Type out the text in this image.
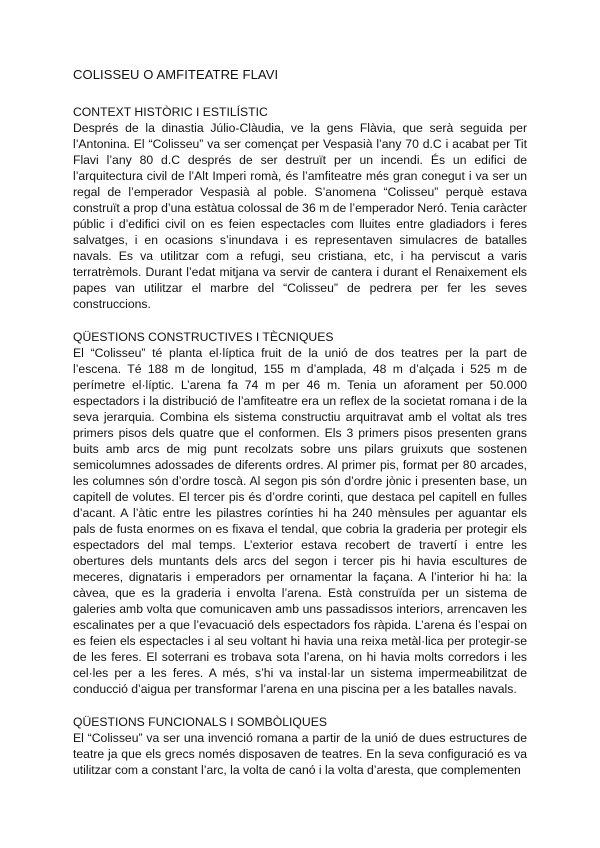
COLISSEU O AMFITEATRE FLAVI
CONTEXT HISTÒRIC I ESTILÍSTIC

Després de la dinastia Júlio-Clàudia, ve la gens Flàvia, que serà seguida per l’Antonina. El “Colisseu” va ser començat per Vespasià l’any 70 d.C i acabat per Tit Flavi l’any 80 d.C després de ser destruït per un incendi. És un edifici de l’arquitectura civil de l’Alt Imperi romà, és l’amfiteatre més gran conegut i va ser un regal de l’emperador Vespasià al poble. S’anomena “Colisseu” perquè estava construït a prop d’una estàtua colossal de 36 m de l’emperador Neró. Tenia caràcter públic i d’edifici civil on es feien espectacles com lluites entre gladiadors i feres salvatges, i en ocasions s’inundava i es representaven simulacres de batalles navals. Es va utilitzar com a refugi, seu cristiana, etc, i ha perviscut a varis terratrèmols. Durant l’edat mitjana va servir de cantera i durant el Renaixement els papes van utilitzar el marbre del “Colisseu” de pedrera per fer les seves construccions.

QÜESTIONS CONSTRUCTIVES I TÈCNIQUES

El “Colisseu” té planta el·líptica fruit de la unió de dos teatres per la part de l’escena. Té 188 m de longitud, 155 m d’amplada, 48 m d’alçada i 525 m de perímetre el·líptic. L’arena fa 74 m per 46 m. Tenia un aforament per 50.000 espectadors i la distribució de l’amfiteatre era un reflex de la societat romana i de la seva jerarquia. Combina els sistema constructiu arquitravat amb el voltat als tres primers pisos dels quatre que el conformen. Els 3 primers pisos presenten grans buits amb arcs de mig punt recolzats sobre uns pilars gruixuts que sostenen semicolumnes adossades de diferents ordres. Al primer pis, format per 80 arcades, les columnes són d’ordre toscà. Al segon pis són d’ordre jònic i presenten base, un capitell de volutes. El tercer pis és d’ordre corinti, que destaca pel capitell en fulles d’acant. A l’àtic entre les pilastres corínties hi ha 240 mènsules per aguantar els pals de fusta enormes on es fixava el tendal, que cobria la graderia per protegir els espectadors del mal temps. L’exterior estava recobert de travertí i entre les obertures dels muntants dels arcs del segon i tercer pis hi havia escultures de meceres, dignataris i emperadors per ornamentar la façana. A l’interior hi ha: la càvea, que es la graderia i envolta l’arena. Està construïda per un sistema de galeries amb volta que comunicaven amb uns passadissos interiors, arrencaven les escalinates per a que l’evacuació dels espectadors fos ràpida. L’arena és l’espai on es feien els espectacles i al seu voltant hi havia una reixa metàl·lica per protegir-se de les feres. El soterrani es trobava sota l’arena, on hi havia molts corredors i les cel·les per a les feres. A més, s’hi va instal·lar un sistema impermeabilitzat de conducció d’aigua per transformar l’arena en una piscina per a les batalles navals.

QÜESTIONS FUNCIONALS I SOMBÒLIQUES

El “Colisseu” va ser una invenció romana a partir de la unió de dues estructures de teatre ja que els grecs només disposaven de teatres. En la seva configuració es va utilitzar com a constant l’arc, la volta de canó i la volta d’aresta, que complementen
